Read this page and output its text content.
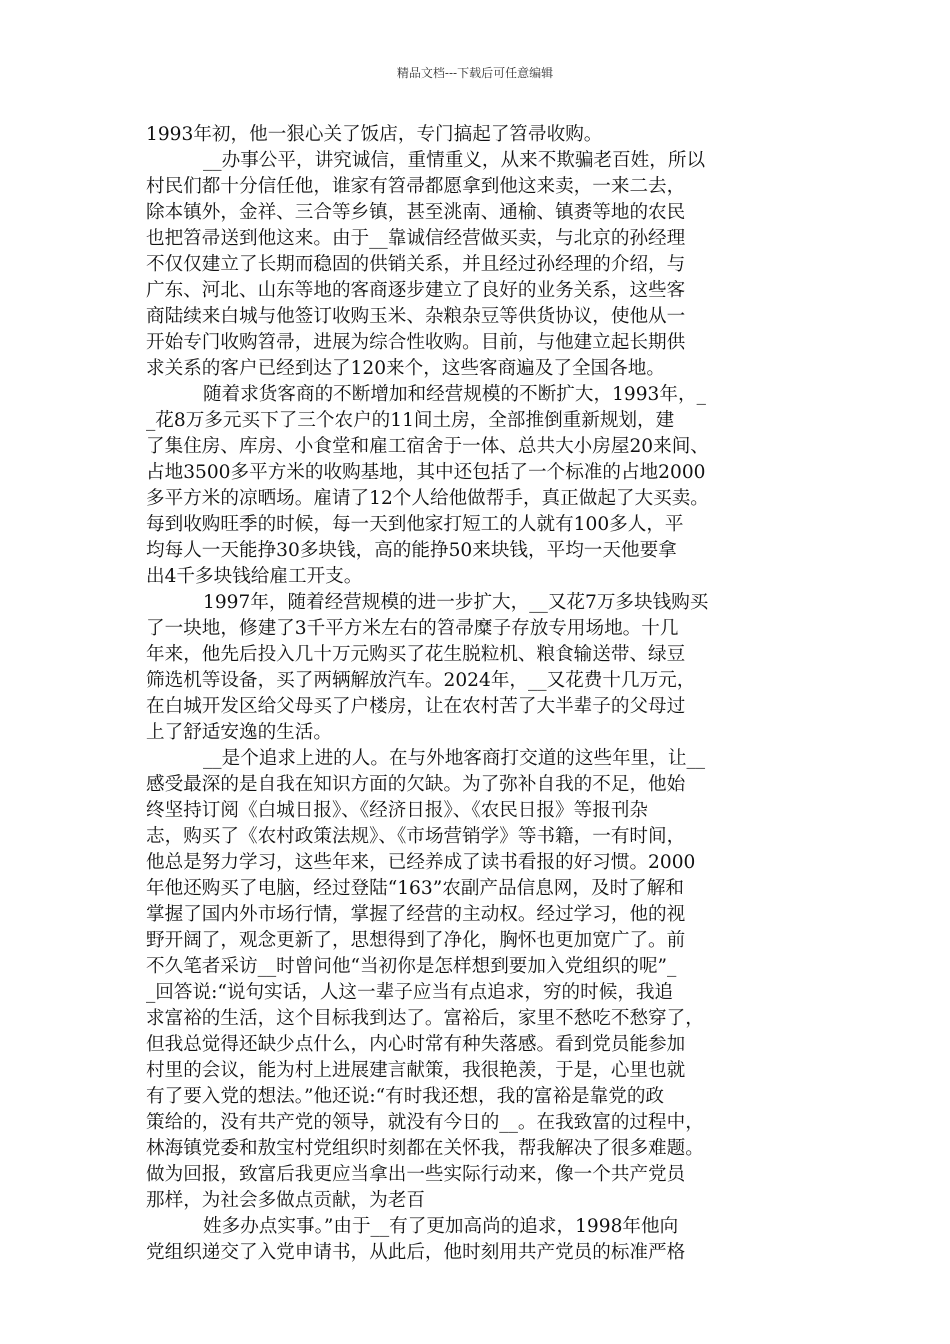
精品文档---下载后可任意编辑
1993年初，他一狠心关了饭店，专门搞起了笤帚收购。
__办事公平，讲究诚信，重情重义，从来不欺骗老百姓，所以
村民们都十分信任他，谁家有笤帚都愿拿到他这来卖，一来二去，
除本镇外，金祥、三合等乡镇，甚至洮南、通榆、镇赉等地的农民
也把笤帚送到他这来。由于__靠诚信经营做买卖，与北京的孙经理
不仅仅建立了长期而稳固的供销关系，并且经过孙经理的介绍，与
广东、河北、山东等地的客商逐步建立了良好的业务关系，这些客
商陆续来白城与他签订收购玉米、杂粮杂豆等供货协议，使他从一
开始专门收购笤帚，进展为综合性收购。目前，与他建立起长期供
求关系的客户已经到达了120来个，这些客商遍及了全国各地。
随着求货客商的不断增加和经营规模的不断扩大，1993年，_
_花8万多元买下了三个农户的11间土房，全部推倒重新规划，建
了集住房、库房、小食堂和雇工宿舍于一体、总共大小房屋20来间、
占地3500多平方米的收购基地，其中还包括了一个标准的占地2000
多平方米的凉晒场。雇请了12个人给他做帮手，真正做起了大买卖。
每到收购旺季的时候，每一天到他家打短工的人就有100多人，平
均每人一天能挣30多块钱，高的能挣50来块钱，平均一天他要拿
出4千多块钱给雇工开支。
1997年，随着经营规模的进一步扩大，__又花7万多块钱购买
了一块地，修建了3千平方米左右的笤帚糜子存放专用场地。十几
年来，他先后投入几十万元购买了花生脱粒机、粮食输送带、绿豆
筛选机等设备，买了两辆解放汽车。2024年，__又花费十几万元，
在白城开发区给父母买了户楼房，让在农村苦了大半辈子的父母过
上了舒适安逸的生活。
__是个追求上进的人。在与外地客商打交道的这些年里，让__
感受最深的是自我在知识方面的欠缺。为了弥补自我的不足，他始
终坚持订阅《白城日报》、《经济日报》、《农民日报》等报刊杂
志，购买了《农村政策法规》、《市场营销学》等书籍，一有时间，
他总是努力学习，这些年来，已经养成了读书看报的好习惯。2000
年他还购买了电脑，经过登陆“163”农副产品信息网，及时了解和
掌握了国内外市场行情，掌握了经营的主动权。经过学习，他的视
野开阔了，观念更新了，思想得到了净化，胸怀也更加宽广了。前
不久笔者采访__时曾问他“当初你是怎样想到要加入党组织的呢”_
_回答说:“说句实话，人这一辈子应当有点追求，穷的时候，我追
求富裕的生活，这个目标我到达了。富裕后，家里不愁吃不愁穿了，
但我总觉得还缺少点什么，内心时常有种失落感。看到党员能参加
村里的会议，能为村上进展建言献策，我很艳羡，于是，心里也就
有了要入党的想法。”他还说:“有时我还想，我的富裕是靠党的政
策给的，没有共产党的领导，就没有今日的__。在我致富的过程中，
林海镇党委和敖宝村党组织时刻都在关怀我，帮我解决了很多难题。
做为回报，致富后我更应当拿出一些实际行动来，像一个共产党员
那样，为社会多做点贡献，为老百
姓多办点实事。”由于__有了更加高尚的追求，1998年他向
党组织递交了入党申请书，从此后，他时刻用共产党员的标准严格
